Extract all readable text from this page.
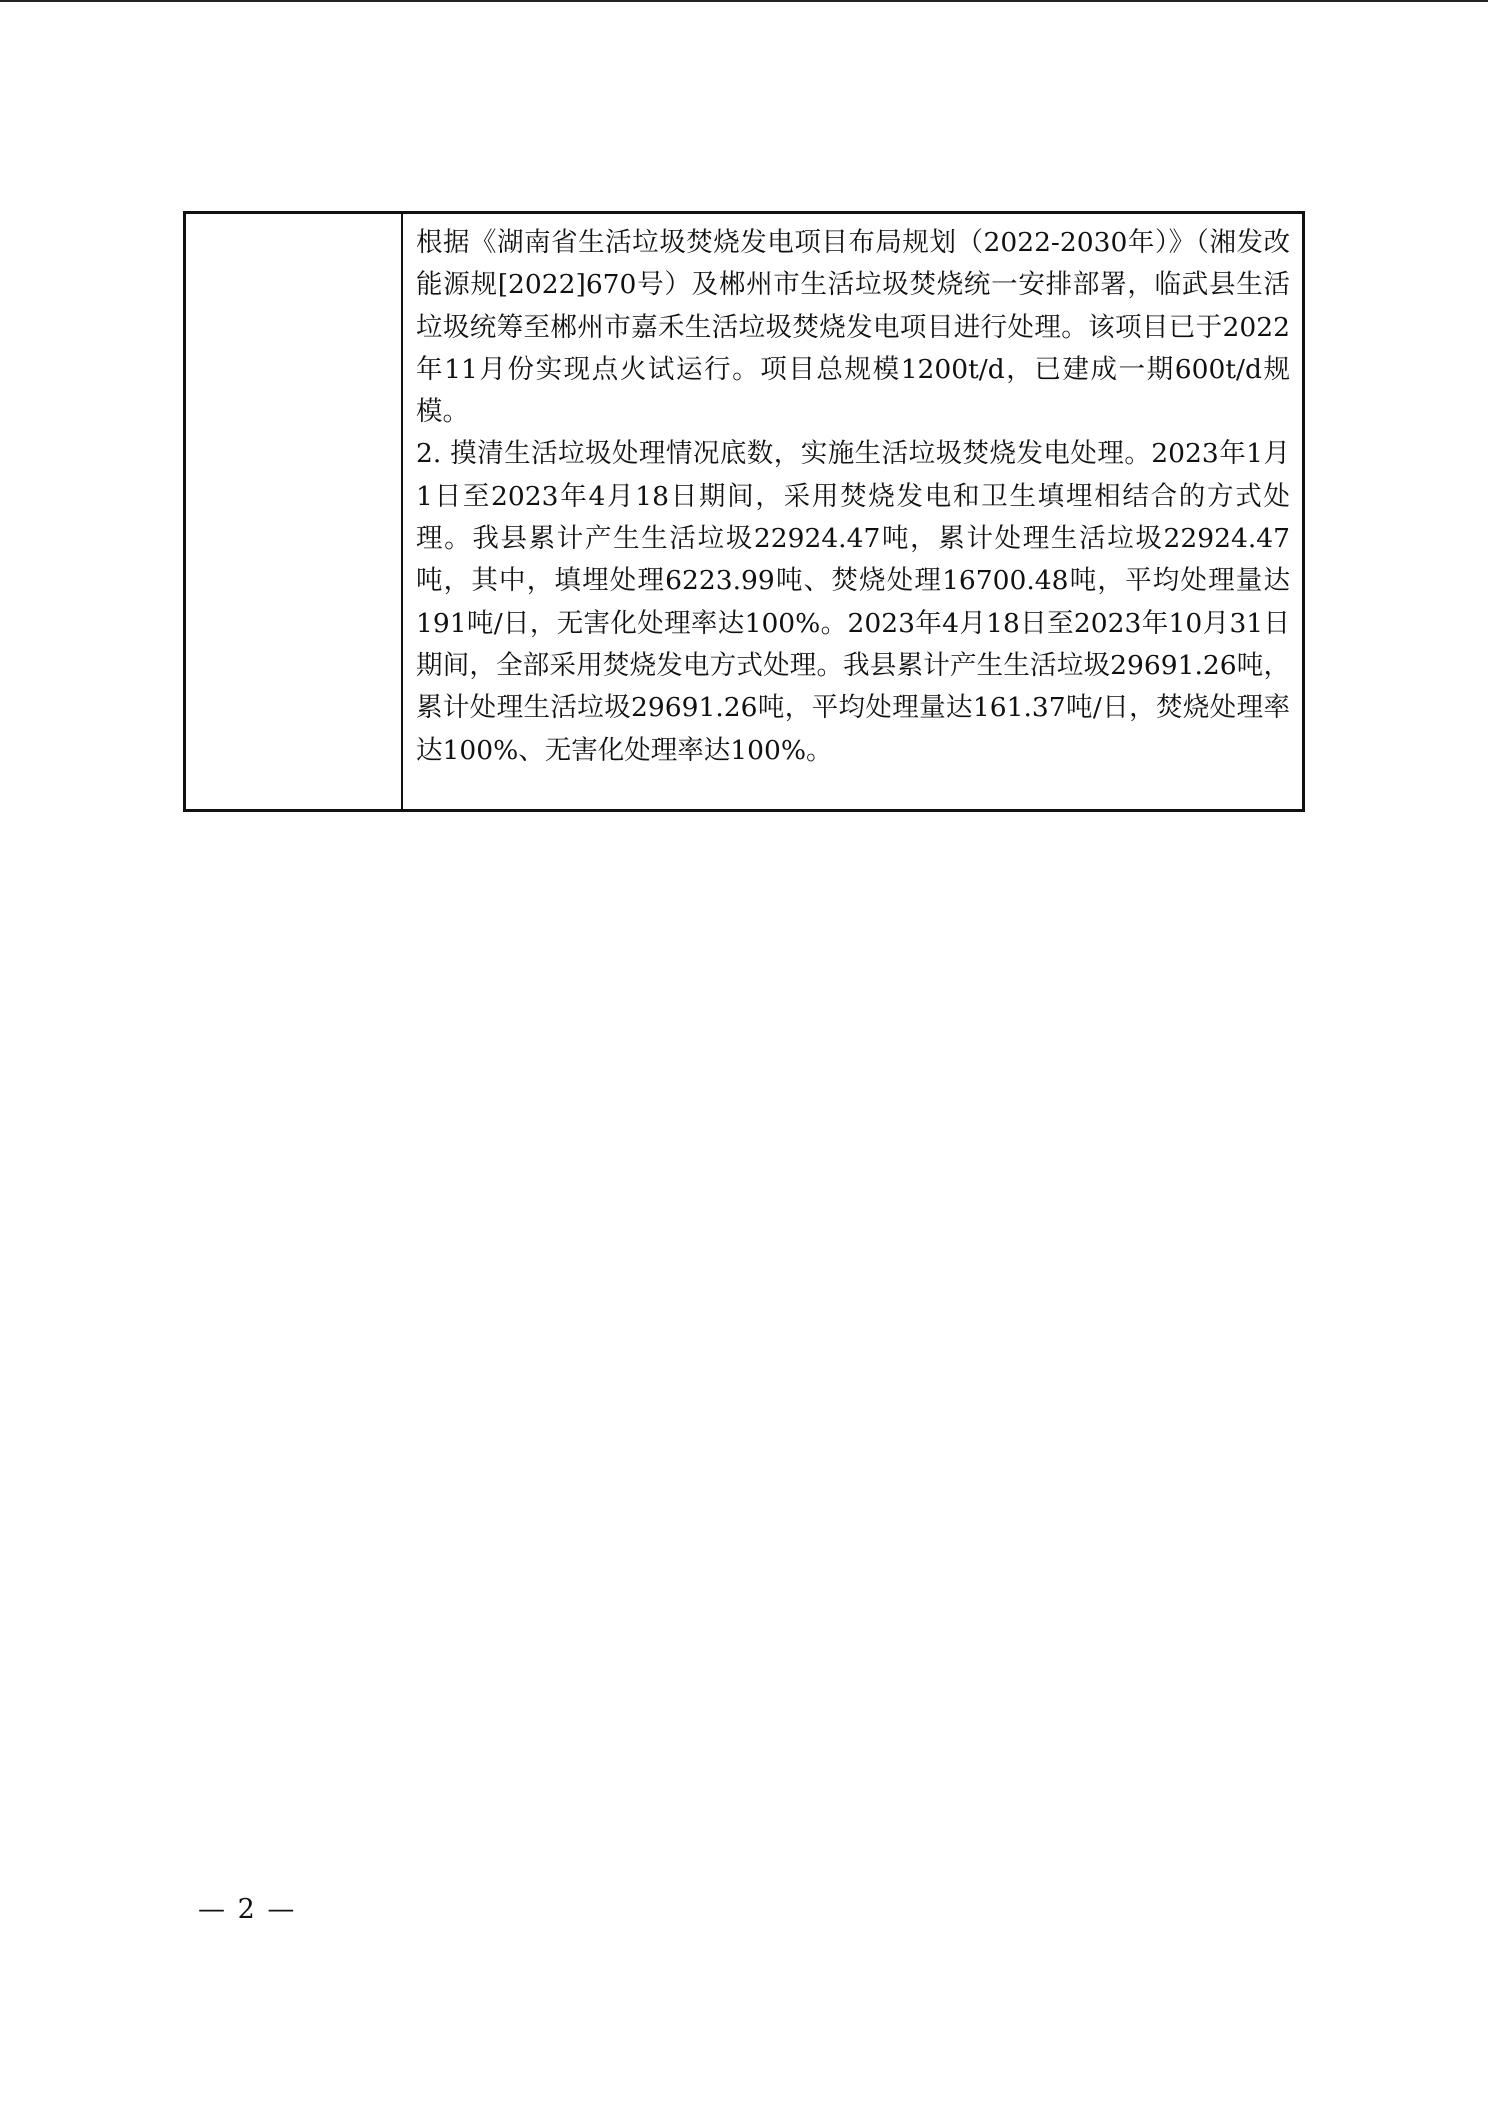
根据《湖南省生活垃圾焚烧发电项目布局规划（2022-2030年）》（湘发改能源规[2022]670号）及郴州市生活垃圾焚烧统一安排部署，临武县生活垃圾统筹至郴州市嘉禾生活垃圾焚烧发电项目进行处理。该项目已于2022年11月份实现点火试运行。项目总规模1200t/d，已建成一期600t/d规模。

2. 摸清生活垃圾处理情况底数，实施生活垃圾焚烧发电处理。2023年1月1日至2023年4月18日期间，采用焚烧发电和卫生填埋相结合的方式处理。我县累计产生生活垃圾22924.47吨，累计处理生活垃圾22924.47吨，其中，填埋处理6223.99吨、焚烧处理16700.48吨，平均处理量达191吨/日，无害化处理率达100%。2023年4月18日至2023年10月31日期间，全部采用焚烧发电方式处理。我县累计产生生活垃圾29691.26吨，累计处理生活垃圾29691.26吨，平均处理量达161.37吨/日，焚烧处理率达100%、无害化处理率达100%。

— 2 —
